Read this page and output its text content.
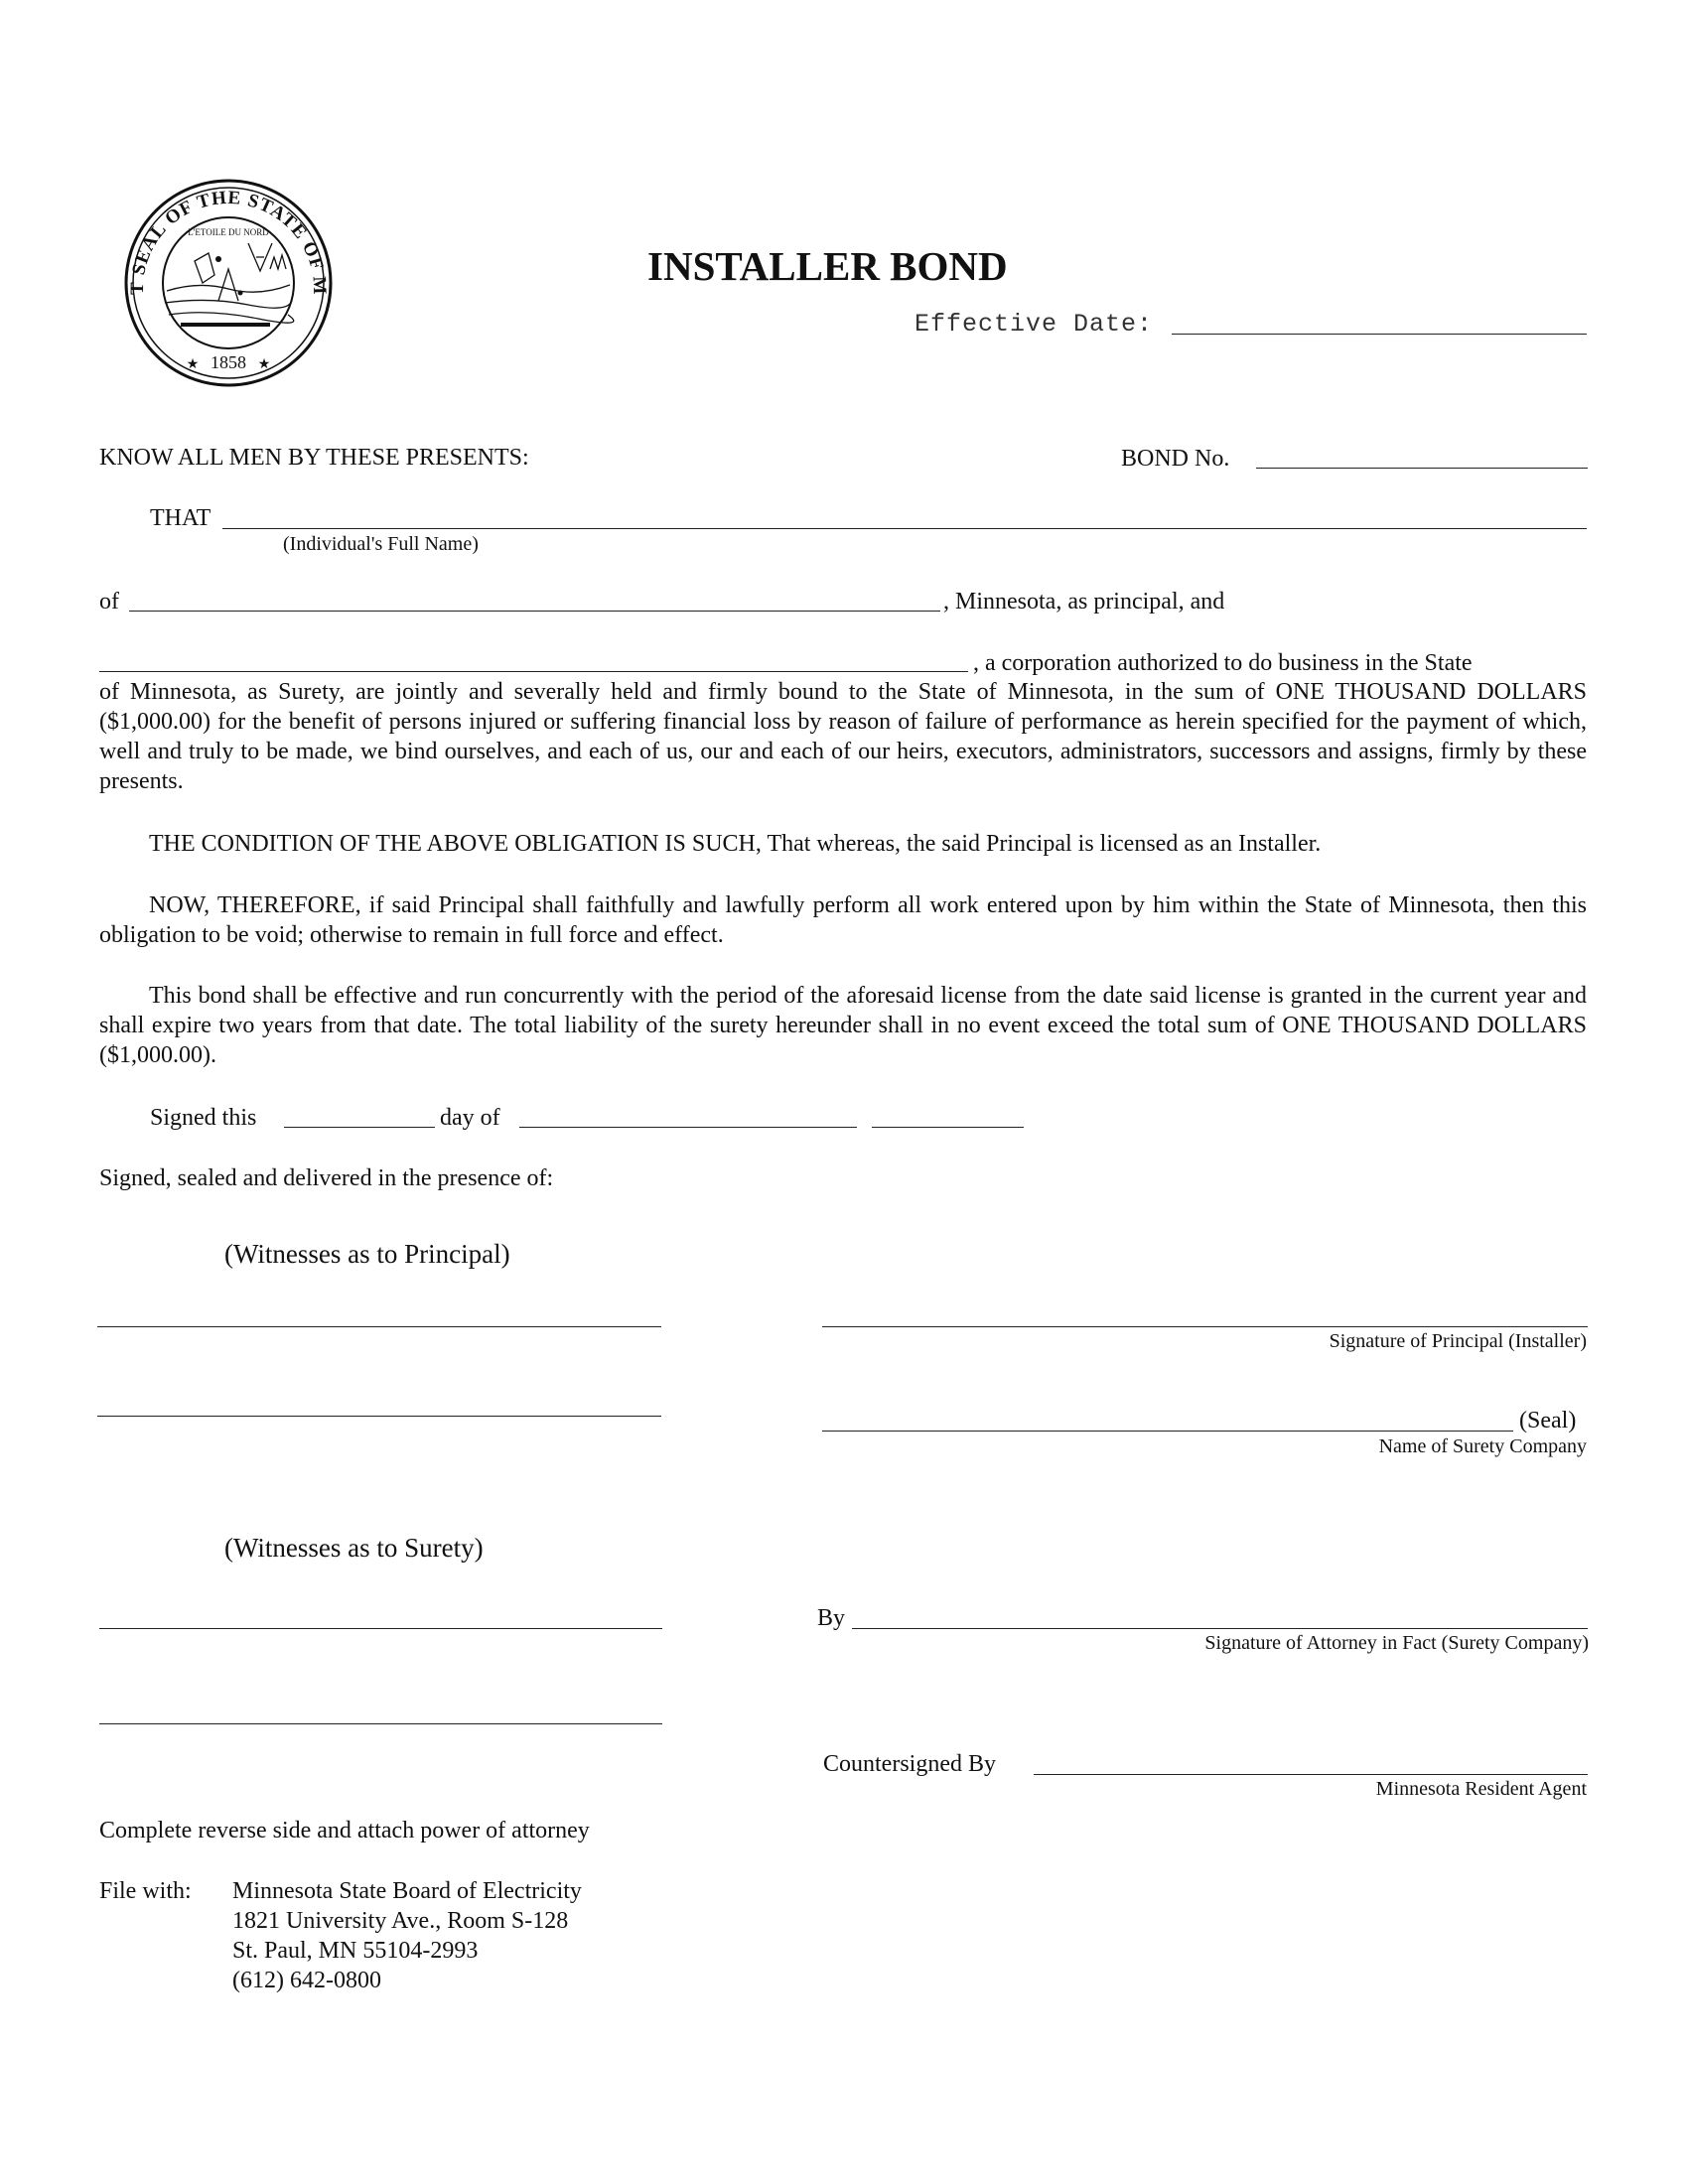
T SEAL OF THE STATE OF M
L'ETOILE DU NORD
1858
★	★
INSTALLER BOND
Effective Date:
KNOW ALL MEN BY THESE PRESENTS:	BOND No.
THAT
(Individual's Full Name)
of	, Minnesota, as principal, and
, a corporation authorized to do business in the State
of Minnesota, as Surety, are jointly and severally held and firmly bound to the State of Minnesota, in the sum of ONE THOUSAND DOLLARS ($1,000.00) for the benefit of persons injured or suffering financial loss by reason of failure of performance as herein specified for the payment of which, well and truly to be made, we bind ourselves, and each of us, our and each of our heirs, executors, administrators, successors and assigns, firmly by these presents.
THE CONDITION OF THE ABOVE OBLIGATION IS SUCH, That whereas, the said Principal is licensed as an Installer.
NOW, THEREFORE, if said Principal shall faithfully and lawfully perform all work entered upon by him within the State of Minnesota, then this obligation to be void; otherwise to remain in full force and effect.
This bond shall be effective and run concurrently with the period of the aforesaid license from the date said license is granted in the current year and shall expire two years from that date. The total liability of the surety hereunder shall in no event exceed the total sum of ONE THOUSAND DOLLARS ($1,000.00).
Signed this	day of
Signed, sealed and delivered in the presence of:
(Witnesses as to Principal)
Signature of Principal (Installer)
(Seal)
Name of Surety Company
(Witnesses as to Surety)
By
Signature of Attorney in Fact (Surety Company)
Countersigned By
Minnesota Resident Agent
Complete reverse side and attach power of attorney
File with: Minnesota State Board of Electricity
1821 University Ave., Room S-128
St. Paul, MN 55104-2993
(612) 642-0800
